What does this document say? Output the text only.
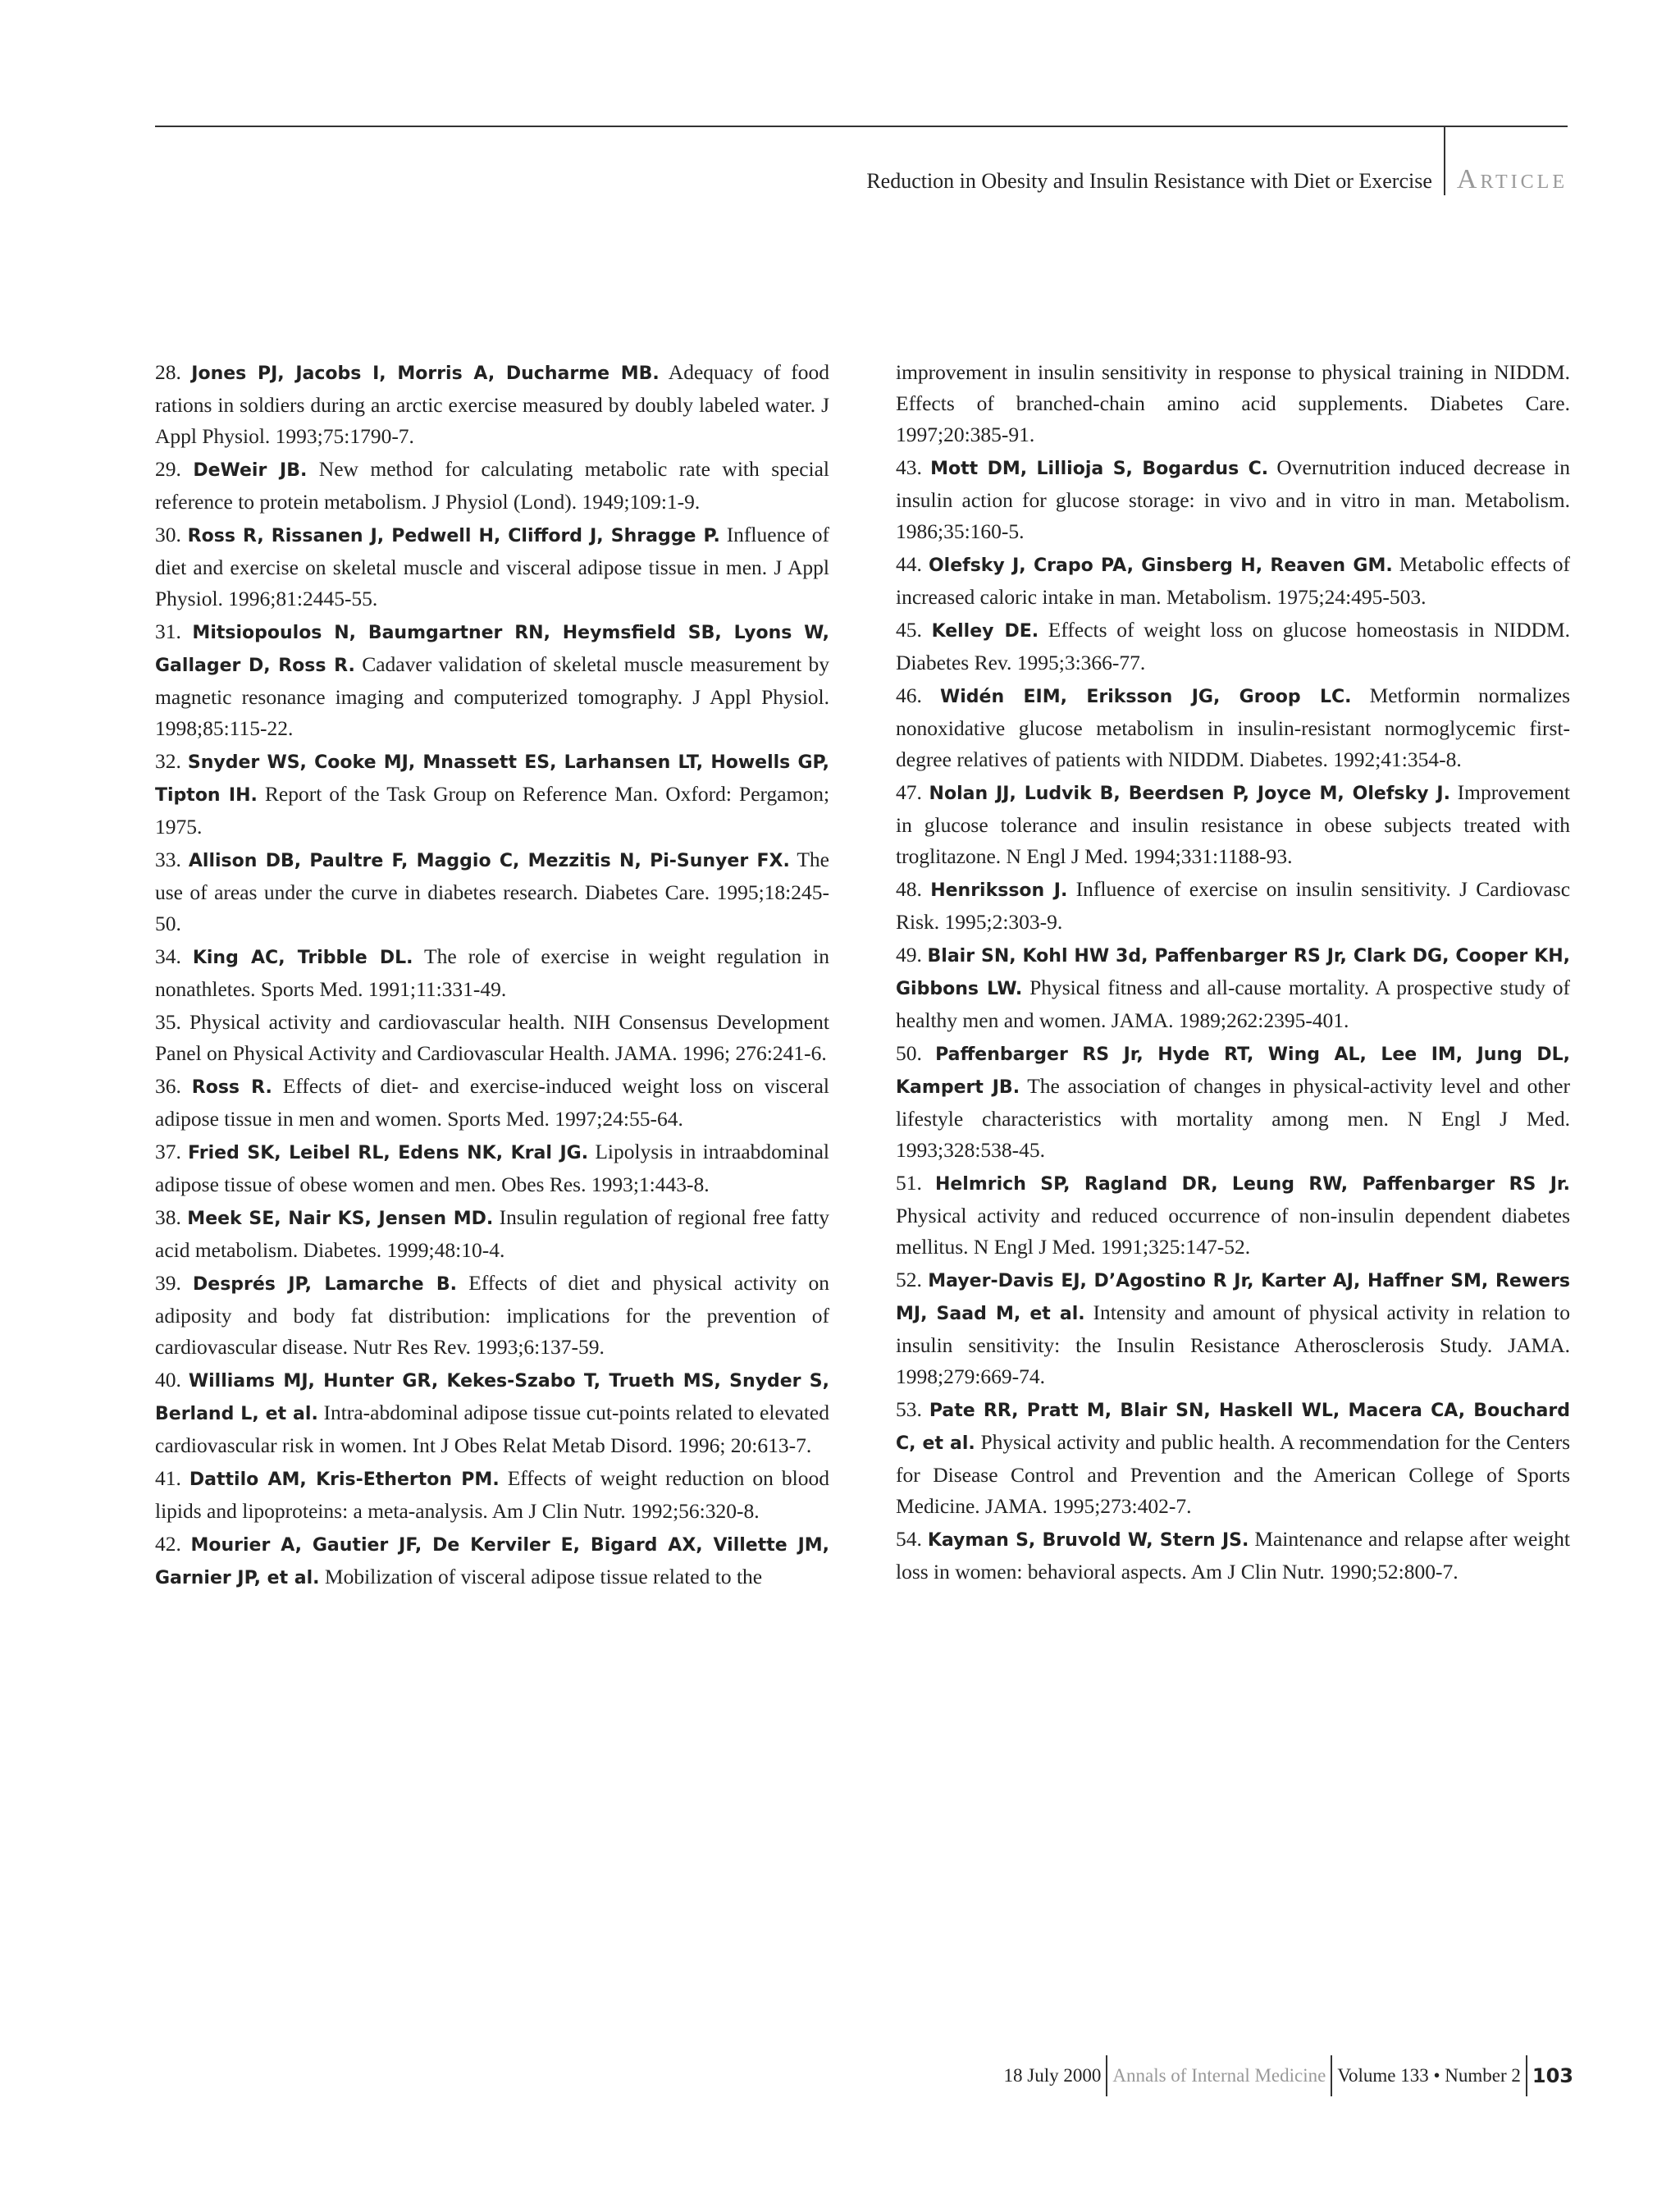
Reduction in Obesity and Insulin Resistance with Diet or Exercise Article

28. Jones PJ, Jacobs I, Morris A, Ducharme MB. Adequacy of food rations in soldiers during an arctic exercise measured by doubly labeled water. J Appl Physiol. 1993;75:1790-7.

29. DeWeir JB. New method for calculating metabolic rate with special reference to protein metabolism. J Physiol (Lond). 1949;109:1-9.

30. Ross R, Rissanen J, Pedwell H, Clifford J, Shragge P. Influence of diet and exercise on skeletal muscle and visceral adipose tissue in men. J Appl Physiol. 1996;81:2445-55.

31. Mitsiopoulos N, Baumgartner RN, Heymsfield SB, Lyons W, Gallager D, Ross R. Cadaver validation of skeletal muscle measurement by magnetic resonance imaging and computerized tomography. J Appl Physiol. 1998;85:115-22.

32. Snyder WS, Cooke MJ, Mnassett ES, Larhansen LT, Howells GP, Tipton IH. Report of the Task Group on Reference Man. Oxford: Pergamon; 1975.

33. Allison DB, Paultre F, Maggio C, Mezzitis N, Pi-Sunyer FX. The use of areas under the curve in diabetes research. Diabetes Care. 1995;18:245-50.

34. King AC, Tribble DL. The role of exercise in weight regulation in nonathletes. Sports Med. 1991;11:331-49.

35. Physical activity and cardiovascular health. NIH Consensus Development Panel on Physical Activity and Cardiovascular Health. JAMA. 1996; 276:241-6.

36. Ross R. Effects of diet- and exercise-induced weight loss on visceral adipose tissue in men and women. Sports Med. 1997;24:55-64.

37. Fried SK, Leibel RL, Edens NK, Kral JG. Lipolysis in intraabdominal adipose tissue of obese women and men. Obes Res. 1993;1:443-8.

38. Meek SE, Nair KS, Jensen MD. Insulin regulation of regional free fatty acid metabolism. Diabetes. 1999;48:10-4.

39. Després JP, Lamarche B. Effects of diet and physical activity on adiposity and body fat distribution: implications for the prevention of cardiovascular disease. Nutr Res Rev. 1993;6:137-59.

40. Williams MJ, Hunter GR, Kekes-Szabo T, Trueth MS, Snyder S, Berland L, et al. Intra-abdominal adipose tissue cut-points related to elevated cardiovascular risk in women. Int J Obes Relat Metab Disord. 1996; 20:613-7.

41. Dattilo AM, Kris-Etherton PM. Effects of weight reduction on blood lipids and lipoproteins: a meta-analysis. Am J Clin Nutr. 1992;56:320-8.

42. Mourier A, Gautier JF, De Kerviler E, Bigard AX, Villette JM, Garnier JP, et al. Mobilization of visceral adipose tissue related to the

improvement in insulin sensitivity in response to physical training in NIDDM. Effects of branched-chain amino acid supplements. Diabetes Care. 1997;20:385-91.

43. Mott DM, Lillioja S, Bogardus C. Overnutrition induced decrease in insulin action for glucose storage: in vivo and in vitro in man. Metabolism. 1986;35:160-5.

44. Olefsky J, Crapo PA, Ginsberg H, Reaven GM. Metabolic effects of increased caloric intake in man. Metabolism. 1975;24:495-503.

45. Kelley DE. Effects of weight loss on glucose homeostasis in NIDDM. Diabetes Rev. 1995;3:366-77.

46. Widén EIM, Eriksson JG, Groop LC. Metformin normalizes nonoxidative glucose metabolism in insulin-resistant normoglycemic first-degree relatives of patients with NIDDM. Diabetes. 1992;41:354-8.

47. Nolan JJ, Ludvik B, Beerdsen P, Joyce M, Olefsky J. Improvement in glucose tolerance and insulin resistance in obese subjects treated with troglitazone. N Engl J Med. 1994;331:1188-93.

48. Henriksson J. Influence of exercise on insulin sensitivity. J Cardiovasc Risk. 1995;2:303-9.

49. Blair SN, Kohl HW 3d, Paffenbarger RS Jr, Clark DG, Cooper KH, Gibbons LW. Physical fitness and all-cause mortality. A prospective study of healthy men and women. JAMA. 1989;262:2395-401.

50. Paffenbarger RS Jr, Hyde RT, Wing AL, Lee IM, Jung DL, Kampert JB. The association of changes in physical-activity level and other lifestyle characteristics with mortality among men. N Engl J Med. 1993;328:538-45.

51. Helmrich SP, Ragland DR, Leung RW, Paffenbarger RS Jr. Physical activity and reduced occurrence of non-insulin dependent diabetes mellitus. N Engl J Med. 1991;325:147-52.

52. Mayer-Davis EJ, D’Agostino R Jr, Karter AJ, Haffner SM, Rewers MJ, Saad M, et al. Intensity and amount of physical activity in relation to insulin sensitivity: the Insulin Resistance Atherosclerosis Study. JAMA. 1998;279:669-74.

53. Pate RR, Pratt M, Blair SN, Haskell WL, Macera CA, Bouchard C, et al. Physical activity and public health. A recommendation for the Centers for Disease Control and Prevention and the American College of Sports Medicine. JAMA. 1995;273:402-7.

54. Kayman S, Bruvold W, Stern JS. Maintenance and relapse after weight loss in women: behavioral aspects. Am J Clin Nutr. 1990;52:800-7.

18 July 2000 Annals of Internal Medicine Volume 133 • Number 2 103
